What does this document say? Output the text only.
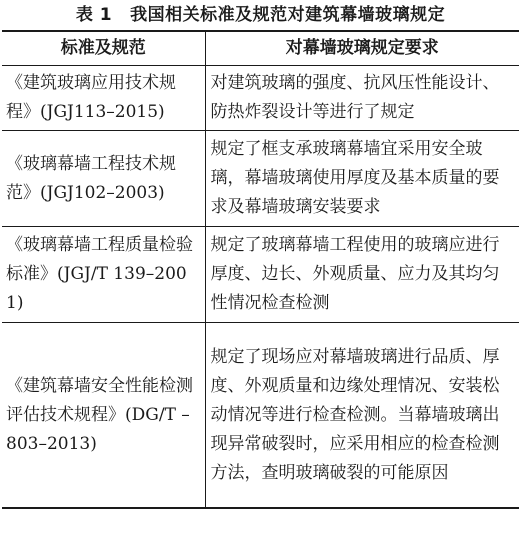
表 1 我国相关标准及规范对建筑幕墙玻璃规定
标准及规范	对幕墙玻璃规定要求
《建筑玻璃应用技术规程》(JGJ113–2015)	对建筑玻璃的强度、抗风压性能设计、防热炸裂设计等进行了规定
《玻璃幕墙工程技术规范》(JGJ102–2003)	规定了框支承玻璃幕墙宜采用安全玻璃，幕墙玻璃使用厚度及基本质量的要求及幕墙玻璃安装要求
《玻璃幕墙工程质量检验标准》(JGJ/T 139–2001)	规定了玻璃幕墙工程使用的玻璃应进行厚度、边长、外观质量、应力及其均匀性情况检查检测
《建筑幕墙安全性能检测评估技术规程》(DG/T –803–2013)	规定了现场应对幕墙玻璃进行品质、厚度、外观质量和边缘处理情况、安装松动情况等进行检查检测。当幕墙玻璃出现异常破裂时，应采用相应的检查检测方法，查明玻璃破裂的可能原因
